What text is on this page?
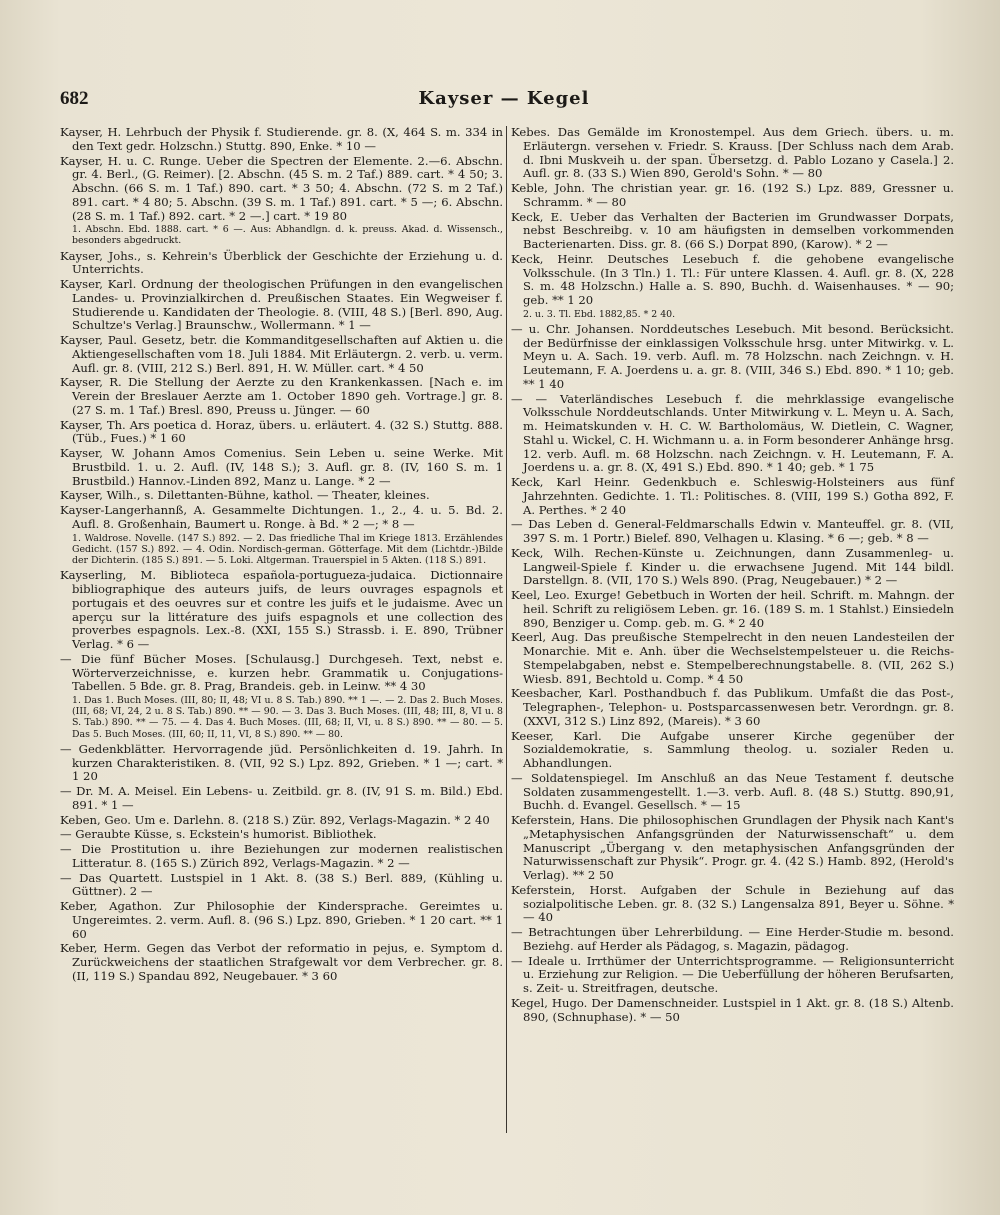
682	Kayser — Kegel
Kayser, H. Lehrbuch der Physik f. Studierende. gr. 8. (X, 464 S. m. 334 in den Text gedr. Holzschn.) Stuttg. 890, Enke. * 10 —
Kayser, H. u. C. Runge. Ueber die Spectren der Elemente. 2.—6. Abschn. gr. 4. Berl., (G. Reimer). [2. Abschn. (45 S. m. 2 Taf.) 889. cart. * 4 50; 3. Abschn. (66 S. m. 1 Taf.) 890. cart. * 3 50; 4. Abschn. (72 S. m 2 Taf.) 891. cart. * 4 80; 5. Abschn. (39 S. m. 1 Taf.) 891. cart. * 5 —; 6. Abschn. (28 S. m. 1 Taf.) 892. cart. * 2 —.] cart. * 19 80
1. Abschn. Ebd. 1888. cart. * 6 —. Aus: Abhandlgn. d. k. preuss. Akad. d. Wissensch., besonders abgedruckt.
Kayser, Johs., s. Kehrein's Überblick der Geschichte der Erziehung u. d. Unterrichts.
Kayser, Karl. Ordnung der theologischen Prüfungen in den evangelischen Landes- u. Provinzialkirchen d. Preußischen Staates. Ein Wegweiser f. Studierende u. Kandidaten der Theologie. 8. (VIII, 48 S.) [Berl. 890, Aug. Schultze's Verlag.] Braunschw., Wollermann. * 1 —
Kayser, Paul. Gesetz, betr. die Kommanditgesellschaften auf Aktien u. die Aktiengesellschaften vom 18. Juli 1884. Mit Erläutergn. 2. verb. u. verm. Aufl. gr. 8. (VIII, 212 S.) Berl. 891, H. W. Müller. cart. * 4 50
Kayser, R. Die Stellung der Aerzte zu den Krankenkassen. [Nach e. im Verein der Breslauer Aerzte am 1. October 1890 geh. Vortrage.] gr. 8. (27 S. m. 1 Taf.) Bresl. 890, Preuss u. Jünger. — 60
Kayser, Th. Ars poetica d. Horaz, übers. u. erläutert. 4. (32 S.) Stuttg. 888. (Tüb., Fues.) * 1 60
Kayser, W. Johann Amos Comenius. Sein Leben u. seine Werke. Mit Brustbild. 1. u. 2. Aufl. (IV, 148 S.); 3. Aufl. gr. 8. (IV, 160 S. m. 1 Brustbild.) Hannov.-Linden 892, Manz u. Lange. * 2 —
Kayser, Wilh., s. Dilettanten-Bühne, kathol. — Theater, kleines.
Kayser-Langerhannß, A. Gesammelte Dichtungen. 1., 2., 4. u. 5. Bd. 2. Aufl. 8. Großenhain, Baumert u. Ronge. à Bd. * 2 —; * 8 —
1. Waldrose. Novelle. (147 S.) 892. — 2. Das friedliche Thal im Kriege 1813. Erzählendes Gedicht. (157 S.) 892. — 4. Odin. Nordisch-german. Götterfage. Mit dem (Lichtdr.-)Bilde der Dichterin. (185 S.) 891. — 5. Loki. Altgerman. Trauerspiel in 5 Akten. (118 S.) 891.
Kayserling, M. Biblioteca española-portugueza-judaica. Dictionnaire bibliographique des auteurs juifs, de leurs ouvrages espagnols et portugais et des oeuvres sur et contre les juifs et le judaisme. Avec un aperçu sur la littérature des juifs espagnols et une collection des proverbes espagnols. Lex.-8. (XXI, 155 S.) Strassb. i. E. 890, Trübner Verlag. * 6 —
— Die fünf Bücher Moses. [Schulausg.] Durchgeseh. Text, nebst e. Wörterverzeichnisse, e. kurzen hebr. Grammatik u. Conjugations-Tabellen. 5 Bde. gr. 8. Prag, Brandeis. geb. in Leinw. ** 4 30
1. Das 1. Buch Moses. (III, 80; II, 48; VI u. 8 S. Tab.) 890. ** 1 —. — 2. Das 2. Buch Moses. (III, 68; VI, 24, 2 u. 8 S. Tab.) 890. ** — 90. — 3. Das 3. Buch Moses. (III, 48; III, 8, VI u. 8 S. Tab.) 890. ** — 75. — 4. Das 4. Buch Moses. (III, 68; II, VI, u. 8 S.) 890. ** — 80. — 5. Das 5. Buch Moses. (III, 60; II, 11, VI, 8 S.) 890. ** — 80.
— Gedenkblätter. Hervorragende jüd. Persönlichkeiten d. 19. Jahrh. In kurzen Charakteristiken. 8. (VII, 92 S.) Lpz. 892, Grieben. * 1 —; cart. * 1 20
— Dr. M. A. Meisel. Ein Lebens- u. Zeitbild. gr. 8. (IV, 91 S. m. Bild.) Ebd. 891. * 1 —
Keben, Geo. Um e. Darlehn. 8. (218 S.) Zür. 892, Verlags-Magazin. * 2 40
— Geraubte Küsse, s. Eckstein's humorist. Bibliothek.
— Die Prostitution u. ihre Beziehungen zur modernen realistischen Litteratur. 8. (165 S.) Zürich 892, Verlags-Magazin. * 2 —
— Das Quartett. Lustspiel in 1 Akt. 8. (38 S.) Berl. 889, (Kühling u. Güttner). 2 —
Keber, Agathon. Zur Philosophie der Kindersprache. Gereimtes u. Ungereimtes. 2. verm. Aufl. 8. (96 S.) Lpz. 890, Grieben. * 1 20 cart. ** 1 60
Keber, Herm. Gegen das Verbot der reformatio in pejus, e. Symptom d. Zurückweichens der staatlichen Strafgewalt vor dem Verbrecher. gr. 8. (II, 119 S.) Spandau 892, Neugebauer. * 3 60
Kebes. Das Gemälde im Kronostempel. Aus dem Griech. übers. u. m. Erläutergn. versehen v. Friedr. S. Krauss. [Der Schluss nach dem Arab. d. Ibni Muskveih u. der span. Übersetzg. d. Pablo Lozano y Casela.] 2. Aufl. gr. 8. (33 S.) Wien 890, Gerold's Sohn. * — 80
Keble, John. The christian year. gr. 16. (192 S.) Lpz. 889, Gressner u. Schramm. * — 80
Keck, E. Ueber das Verhalten der Bacterien im Grundwasser Dorpats, nebst Beschreibg. v. 10 am häufigsten in demselben vorkommenden Bacterienarten. Diss. gr. 8. (66 S.) Dorpat 890, (Karow). * 2 —
Keck, Heinr. Deutsches Lesebuch f. die gehobene evangelische Volksschule. (In 3 Tln.) 1. Tl.: Für untere Klassen. 4. Aufl. gr. 8. (X, 228 S. m. 48 Holzschn.) Halle a. S. 890, Buchh. d. Waisenhauses. * — 90; geb. ** 1 20
2. u. 3. Tl. Ebd. 1882,85. * 2 40.
— u. Chr. Johansen. Norddeutsches Lesebuch. Mit besond. Berücksicht. der Bedürfnisse der einklassigen Volksschule hrsg. unter Mitwirkg. v. L. Meyn u. A. Sach. 19. verb. Aufl. m. 78 Holzschn. nach Zeichngn. v. H. Leutemann, F. A. Joerdens u. a. gr. 8. (VIII, 346 S.) Ebd. 890. * 1 10; geb. ** 1 40
— — Vaterländisches Lesebuch f. die mehrklassige evangelische Volksschule Norddeutschlands. Unter Mitwirkung v. L. Meyn u. A. Sach, m. Heimatskunden v. H. C. W. Bartholomäus, W. Dietlein, C. Wagner, Stahl u. Wickel, C. H. Wichmann u. a. in Form besonderer Anhänge hrsg. 12. verb. Aufl. m. 68 Holzschn. nach Zeichngn. v. H. Leutemann, F. A. Joerdens u. a. gr. 8. (X, 491 S.) Ebd. 890. * 1 40; geb. * 1 75
Keck, Karl Heinr. Gedenkbuch e. Schleswig-Holsteiners aus fünf Jahrzehnten. Gedichte. 1. Tl.: Politisches. 8. (VIII, 199 S.) Gotha 892, F. A. Perthes. * 2 40
— Das Leben d. General-Feldmarschalls Edwin v. Manteuffel. gr. 8. (VII, 397 S. m. 1 Portr.) Bielef. 890, Velhagen u. Klasing. * 6 —; geb. * 8 —
Keck, Wilh. Rechen-Künste u. Zeichnungen, dann Zusammenleg- u. Langweil-Spiele f. Kinder u. die erwachsene Jugend. Mit 144 bildl. Darstellgn. 8. (VII, 170 S.) Wels 890. (Prag, Neugebauer.) * 2 —
Keel, Leo. Exurge! Gebetbuch in Worten der heil. Schrift. m. Mahngn. der heil. Schrift zu religiösem Leben. gr. 16. (189 S. m. 1 Stahlst.) Einsiedeln 890, Benziger u. Comp. geb. m. G. * 2 40
Keerl, Aug. Das preußische Stempelrecht in den neuen Landesteilen der Monarchie. Mit e. Anh. über die Wechselstempelsteuer u. die Reichs-Stempelabgaben, nebst e. Stempelberechnungstabelle. 8. (VII, 262 S.) Wiesb. 891, Bechtold u. Comp. * 4 50
Keesbacher, Karl. Posthandbuch f. das Publikum. Umfaßt die das Post-, Telegraphen-, Telephon- u. Postsparcassenwesen betr. Verordngn. gr. 8. (XXVI, 312 S.) Linz 892, (Mareis). * 3 60
Keeser, Karl. Die Aufgabe unserer Kirche gegenüber der Sozialdemokratie, s. Sammlung theolog. u. sozialer Reden u. Abhandlungen.
— Soldatenspiegel. Im Anschluß an das Neue Testament f. deutsche Soldaten zusammengestellt. 1.—3. verb. Aufl. 8. (48 S.) Stuttg. 890,91, Buchh. d. Evangel. Gesellsch. * — 15
Keferstein, Hans. Die philosophischen Grundlagen der Physik nach Kant's „Metaphysischen Anfangsgründen der Naturwissenschaft“ u. dem Manuscript „Übergang v. den metaphysischen Anfangsgründen der Naturwissenschaft zur Physik“. Progr. gr. 4. (42 S.) Hamb. 892, (Herold's Verlag). ** 2 50
Keferstein, Horst. Aufgaben der Schule in Beziehung auf das sozialpolitische Leben. gr. 8. (32 S.) Langensalza 891, Beyer u. Söhne. * — 40
— Betrachtungen über Lehrerbildung. — Eine Herder-Studie m. besond. Beziehg. auf Herder als Pädagog, s. Magazin, pädagog.
— Ideale u. Irrthümer der Unterrichtsprogramme. — Religionsunterricht u. Erziehung zur Religion. — Die Ueberfüllung der höheren Berufsarten, s. Zeit- u. Streitfragen, deutsche.
Kegel, Hugo. Der Damenschneider. Lustspiel in 1 Akt. gr. 8. (18 S.) Altenb. 890, (Schnuphase). * — 50
